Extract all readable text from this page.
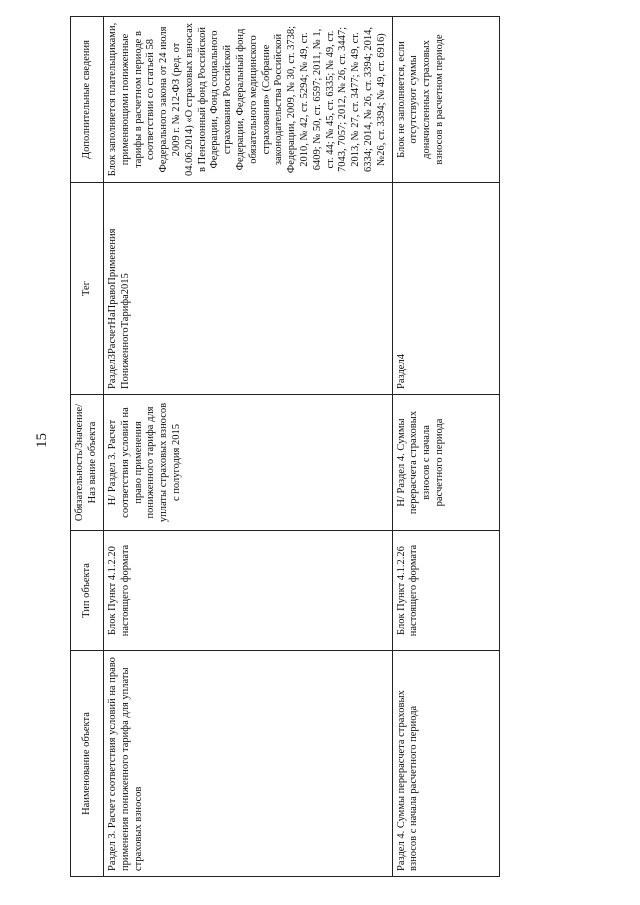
15
Наименование объекта	Тип объекта	Обязательность/Значение/Наз вание объекта	Тег	Дополнительные сведения
Раздел 3. Расчет соответствия условий на право применения пониженного тарифа для уплаты страховых взносов	Блок Пункт 4.1.2.20 настоящего формата	Н/ Раздел 3. Расчет соответствия условий на право применения пониженного тарифа для уплаты страховых взносов с полугодия 2015	Раздел3РасчетНаПравоПрименения ПониженногоТарифа2015	Блок заполняется плательщиками, применяющими пониженные тарифы в расчетном периоде в соответствии со статьей 58 Федерального закона от 24 июля 2009 г. № 212-ФЗ (ред. от 04.06.2014) «О страховых взносах в Пенсионный фонд Российской Федерации, Фонд социального страхования Российской Федерации, Федеральный фонд обязательного медицинского страхования» (Собрание законодательства Российской Федерации, 2009, № 30, ст. 3738; 2010, № 42, ст. 5294; № 49, ст. 6409; № 50, ст. 6597; 2011, № 1, ст. 44; № 45, ст. 6335; № 49, ст. 7043, 7057; 2012, № 26, ст. 3447; 2013, № 27, ст. 3477; № 49, ст. 6334; 2014, № 26, ст. 3394; 2014, №26, ст. 3394; № 49, ст. 6916)
Раздел 4. Суммы перерасчета страховых взносов с начала расчетного периода	Блок Пункт 4.1.2.26 настоящего формата	Н/ Раздел 4. Суммы перерасчета страховых взносов с начала расчетного периода	Раздел4	Блок не заполняется, если отсутствуют суммы доначисленных страховых взносов в расчетном периоде
